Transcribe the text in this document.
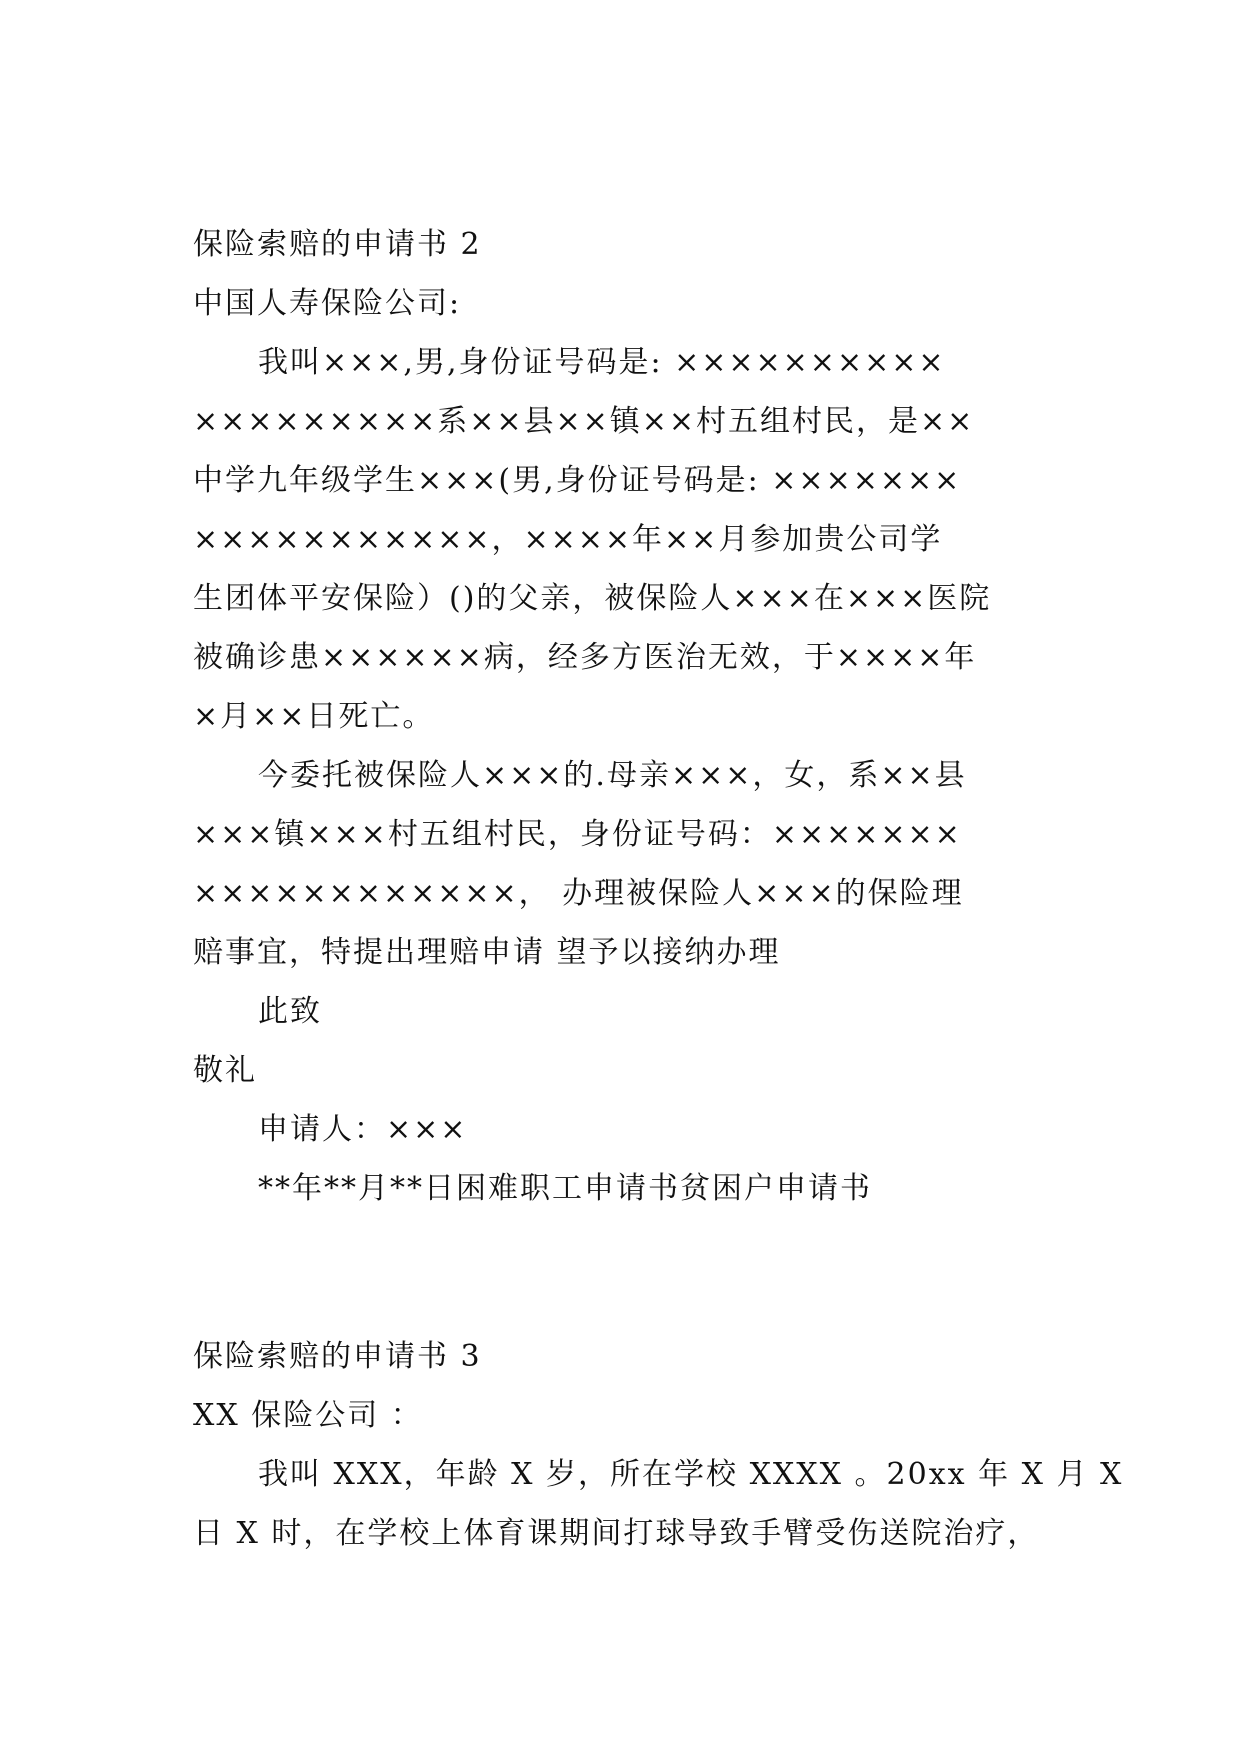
保险索赔的申请书 2
中国人寿保险公司:
我叫×××,男,身份证号码是: ××××××××××
×××××××××系××县××镇××村五组村民，是××
中学九年级学生×××(男,身份证号码是: ×××××××
×××××××××××，××××年××月参加贵公司学
生团体平安保险）()的父亲，被保险人×××在×××医院
被确诊患××××××病，经多方医治无效，于××××年
×月××日死亡。
今委托被保险人×××的.母亲×××，女，系××县
×××镇×××村五组村民，身份证号码：×××××××
××××××××××××， 办理被保险人×××的保险理
赔事宜，特提出理赔申请 望予以接纳办理
此致
敬礼
申请人：×××
**年**月**日困难职工申请书贫困户申请书
保险索赔的申请书 3
XX 保险公司 ：
我叫 XXX，年龄 X 岁，所在学校 XXXX 。20xx 年 X 月 X
日 X 时，在学校上体育课期间打球导致手臂受伤送院治疗，
